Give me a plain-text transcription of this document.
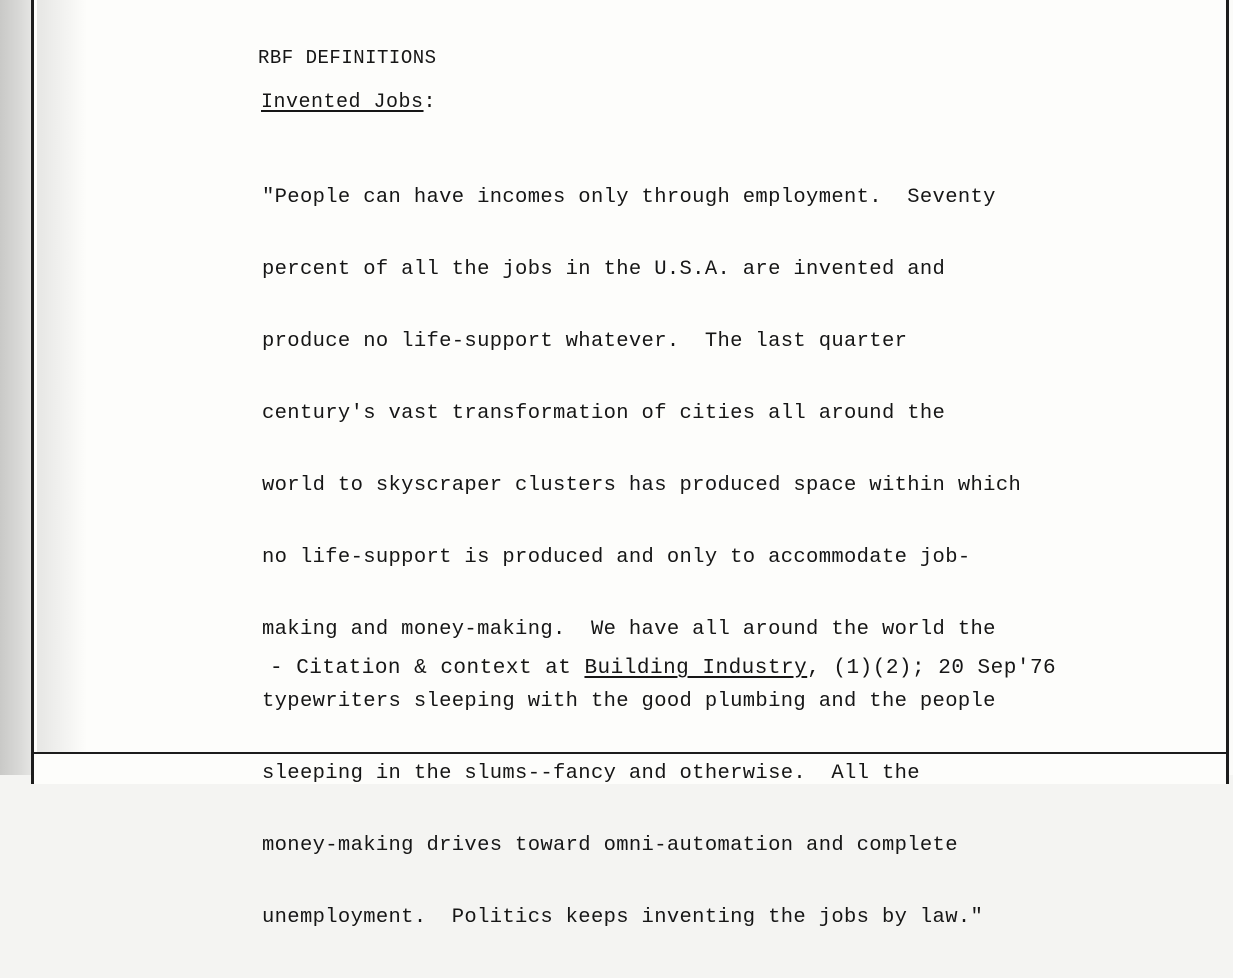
RBF DEFINITIONS
Invented Jobs:

"People can have incomes only through employment.  Seventy

percent of all the jobs in the U.S.A. are invented and

produce no life-support whatever.  The last quarter

century's vast transformation of cities all around the

world to skyscraper clusters has produced space within which

no life-support is produced and only to accommodate job-

making and money-making.  We have all around the world the

typewriters sleeping with the good plumbing and the people

sleeping in the slums--fancy and otherwise.  All the

money-making drives toward omni-automation and complete

unemployment.  Politics keeps inventing the jobs by law."

- Citation & context at Building Industry, (1)(2); 20 Sep'76
